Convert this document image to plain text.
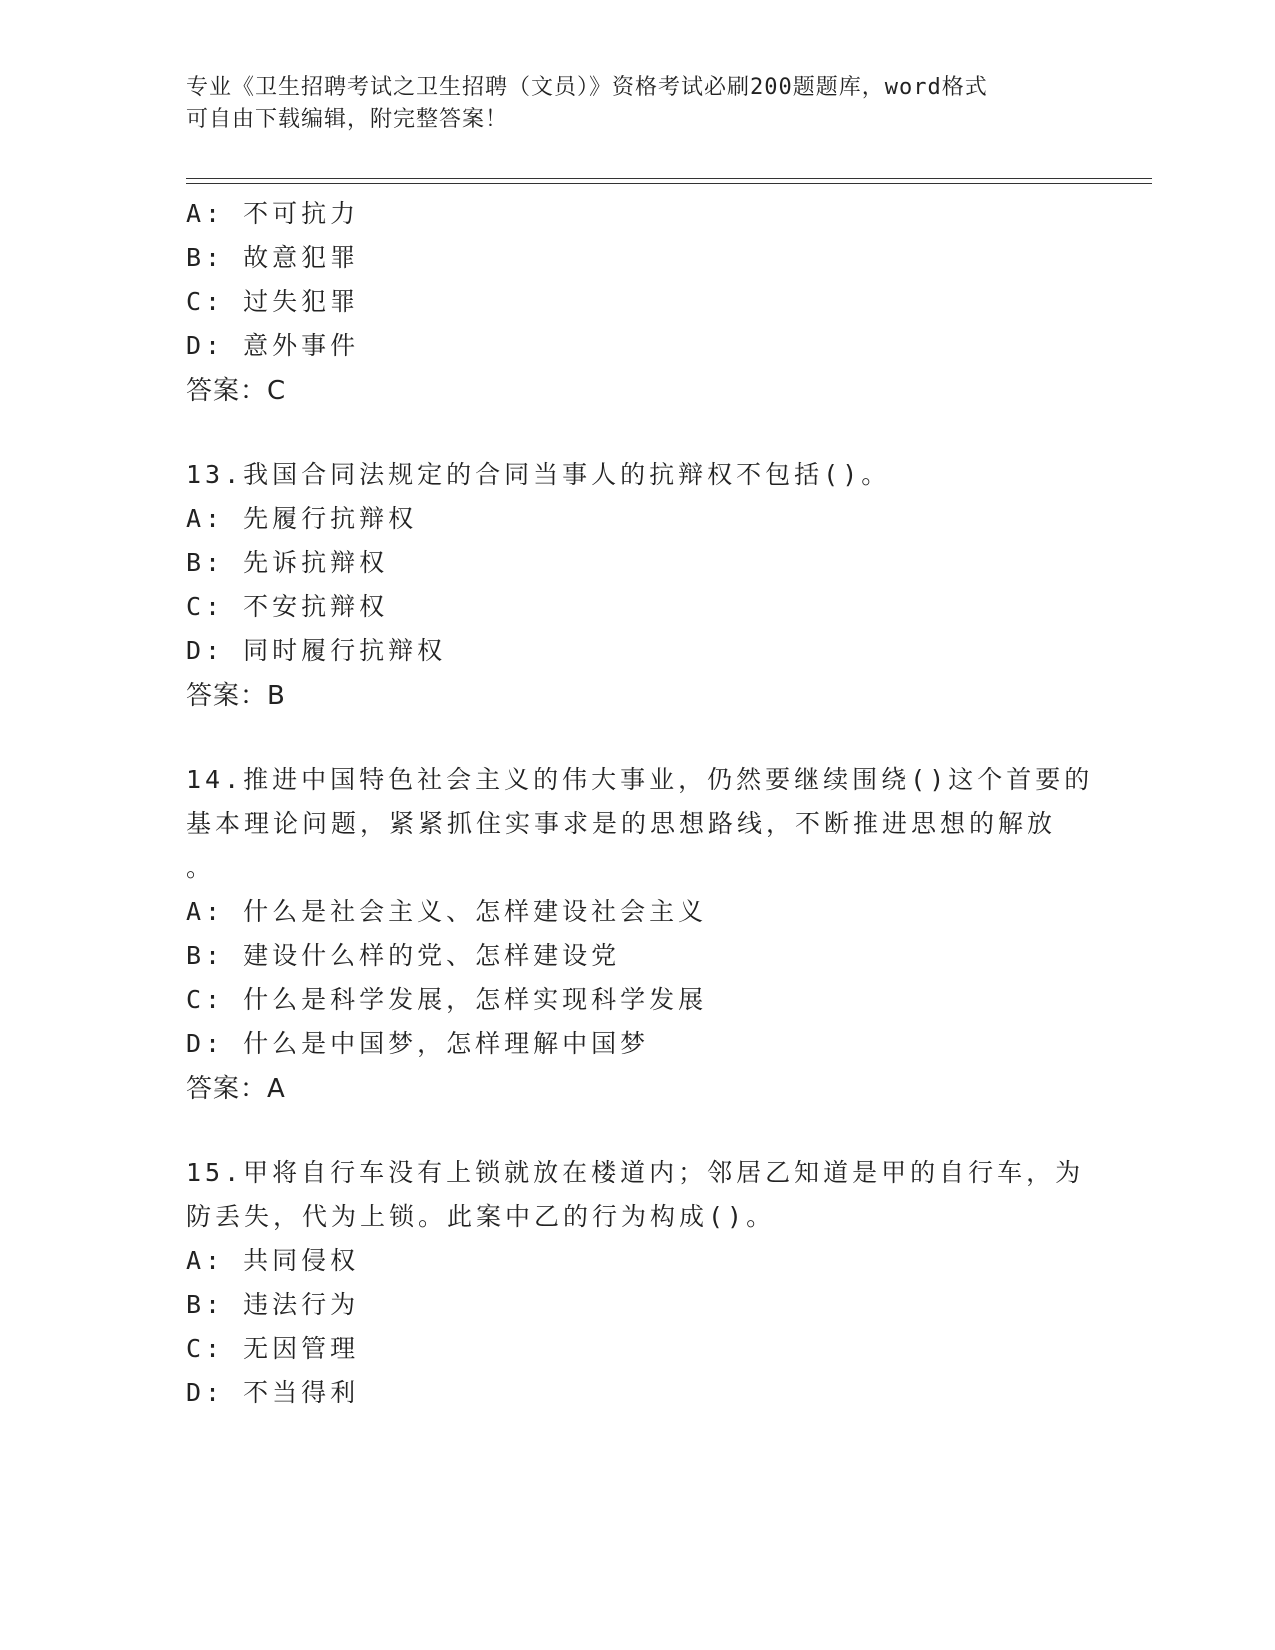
专业《卫生招聘考试之卫生招聘（文员）》资格考试必刷200题题库，word格式
可自由下载编辑，附完整答案！
A: 不可抗力
B: 故意犯罪
C: 过失犯罪
D: 意外事件
答案：C
13.我国合同法规定的合同当事人的抗辩权不包括()。
A: 先履行抗辩权
B: 先诉抗辩权
C: 不安抗辩权
D: 同时履行抗辩权
答案：B
14.推进中国特色社会主义的伟大事业，仍然要继续围绕()这个首要的
基本理论问题，紧紧抓住实事求是的思想路线，不断推进思想的解放
。
A: 什么是社会主义、怎样建设社会主义
B: 建设什么样的党、怎样建设党
C: 什么是科学发展，怎样实现科学发展
D: 什么是中国梦，怎样理解中国梦
答案：A
15.甲将自行车没有上锁就放在楼道内；邻居乙知道是甲的自行车，为
防丢失，代为上锁。此案中乙的行为构成()。
A: 共同侵权
B: 违法行为
C: 无因管理
D: 不当得利
